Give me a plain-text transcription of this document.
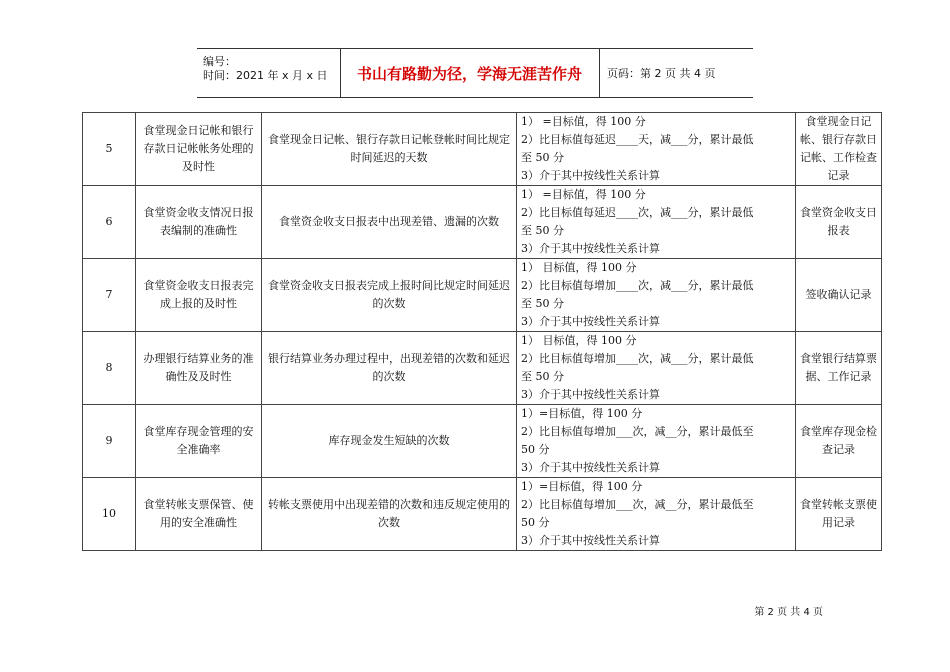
编号：
时间：2021 年 x 月 x 日	书山有路勤为径，学海无涯苦作舟	页码：第 2 页 共 4 页
5	食堂现金日记帐和银行存款日记帐帐务处理的及时性	食堂现金日记帐、银行存款日记帐登帐时间比规定时间延迟的天数	1） =目标值，得 100 分
2）比目标值每延迟____天，减___分，累计最低
至 50 分
3）介于其中按线性关系计算	食堂现金日记帐、银行存款日记帐、工作检查记录
6	食堂资金收支情况日报表编制的准确性	食堂资金收支日报表中出现差错、遗漏的次数	1） =目标值，得 100 分
2）比目标值每延迟____次，减___分，累计最低
至 50 分
3）介于其中按线性关系计算	食堂资金收支日报表
7	食堂资金收支日报表完成上报的及时性	食堂资金收支日报表完成上报时间比规定时间延迟的次数	1） 目标值，得 100 分
2）比目标值每增加____次，减___分，累计最低
至 50 分
3）介于其中按线性关系计算	签收确认记录
8	办理银行结算业务的准确性及及时性	银行结算业务办理过程中，出现差错的次数和延迟的次数	1） 目标值，得 100 分
2）比目标值每增加____次，减___分，累计最低
至 50 分
3）介于其中按线性关系计算	食堂银行结算票据、工作记录
9	食堂库存现金管理的安全准确率	库存现金发生短缺的次数	1）=目标值，得 100 分
2）比目标值每增加___次，减__分，累计最低至
50 分
3）介于其中按线性关系计算	食堂库存现金检查记录
10	食堂转帐支票保管、使用的安全准确性	转帐支票使用中出现差错的次数和违反规定使用的次数	1）=目标值，得 100 分
2）比目标值每增加___次，减__分，累计最低至
50 分
3）介于其中按线性关系计算	食堂转帐支票使用记录
第 2 页 共 4 页
